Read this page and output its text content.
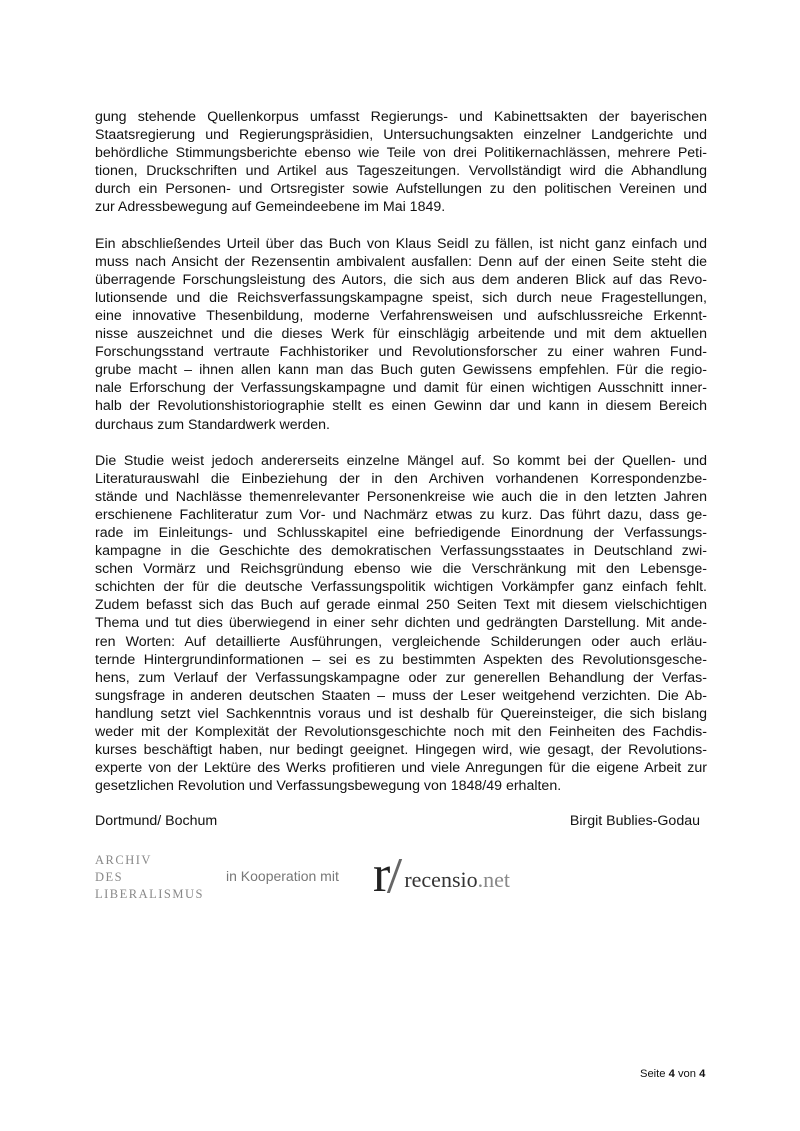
gung stehende Quellenkorpus umfasst Regierungs- und Kabinettsakten der bayerischen
Staatsregierung und Regierungspräsidien, Untersuchungsakten einzelner Landgerichte und
behördliche Stimmungsberichte ebenso wie Teile von drei Politikernachlässen, mehrere Peti-
tionen, Druckschriften und Artikel aus Tageszeitungen. Vervollständigt wird die Abhandlung
durch ein Personen- und Ortsregister sowie Aufstellungen zu den politischen Vereinen und
zur Adressbewegung auf Gemeindeebene im Mai 1849.
Ein abschließendes Urteil über das Buch von Klaus Seidl zu fällen, ist nicht ganz einfach und
muss nach Ansicht der Rezensentin ambivalent ausfallen: Denn auf der einen Seite steht die
überragende Forschungsleistung des Autors, die sich aus dem anderen Blick auf das Revo-
lutionsende und die Reichsverfassungskampagne speist, sich durch neue Fragestellungen,
eine innovative Thesenbildung, moderne Verfahrensweisen und aufschlussreiche Erkennt-
nisse auszeichnet und die dieses Werk für einschlägig arbeitende und mit dem aktuellen
Forschungsstand vertraute Fachhistoriker und Revolutionsforscher zu einer wahren Fund-
grube macht – ihnen allen kann man das Buch guten Gewissens empfehlen. Für die regio-
nale Erforschung der Verfassungskampagne und damit für einen wichtigen Ausschnitt inner-
halb der Revolutionshistoriographie stellt es einen Gewinn dar und kann in diesem Bereich
durchaus zum Standardwerk werden.
Die Studie weist jedoch andererseits einzelne Mängel auf. So kommt bei der Quellen- und
Literaturauswahl die Einbeziehung der in den Archiven vorhandenen Korrespondenzbe-
stände und Nachlässe themenrelevanter Personenkreise wie auch die in den letzten Jahren
erschienene Fachliteratur zum Vor- und Nachmärz etwas zu kurz. Das führt dazu, dass ge-
rade im Einleitungs- und Schlusskapitel eine befriedigende Einordnung der Verfassungs-
kampagne in die Geschichte des demokratischen Verfassungsstaates in Deutschland zwi-
schen Vormärz und Reichsgründung ebenso wie die Verschränkung mit den Lebensge-
schichten der für die deutsche Verfassungspolitik wichtigen Vorkämpfer ganz einfach fehlt.
Zudem befasst sich das Buch auf gerade einmal 250 Seiten Text mit diesem vielschichtigen
Thema und tut dies überwiegend in einer sehr dichten und gedrängten Darstellung. Mit ande-
ren Worten: Auf detaillierte Ausführungen, vergleichende Schilderungen oder auch erläu-
ternde Hintergrundinformationen – sei es zu bestimmten Aspekten des Revolutionsgesche-
hens, zum Verlauf der Verfassungskampagne oder zur generellen Behandlung der Verfas-
sungsfrage in anderen deutschen Staaten – muss der Leser weitgehend verzichten. Die Ab-
handlung setzt viel Sachkenntnis voraus und ist deshalb für Quereinsteiger, die sich bislang
weder mit der Komplexität der Revolutionsgeschichte noch mit den Feinheiten des Fachdis-
kurses beschäftigt haben, nur bedingt geeignet. Hingegen wird, wie gesagt, der Revolutions-
experte von der Lektüre des Werks profitieren und viele Anregungen für die eigene Arbeit zur
gesetzlichen Revolution und Verfassungsbewegung von 1848/49 erhalten.
Dortmund/ Bochum	Birgit Bublies-Godau
ARCHIV
DES
LIBERALISMUS
in Kooperation mit r recensio.net
Seite 4 von 4
